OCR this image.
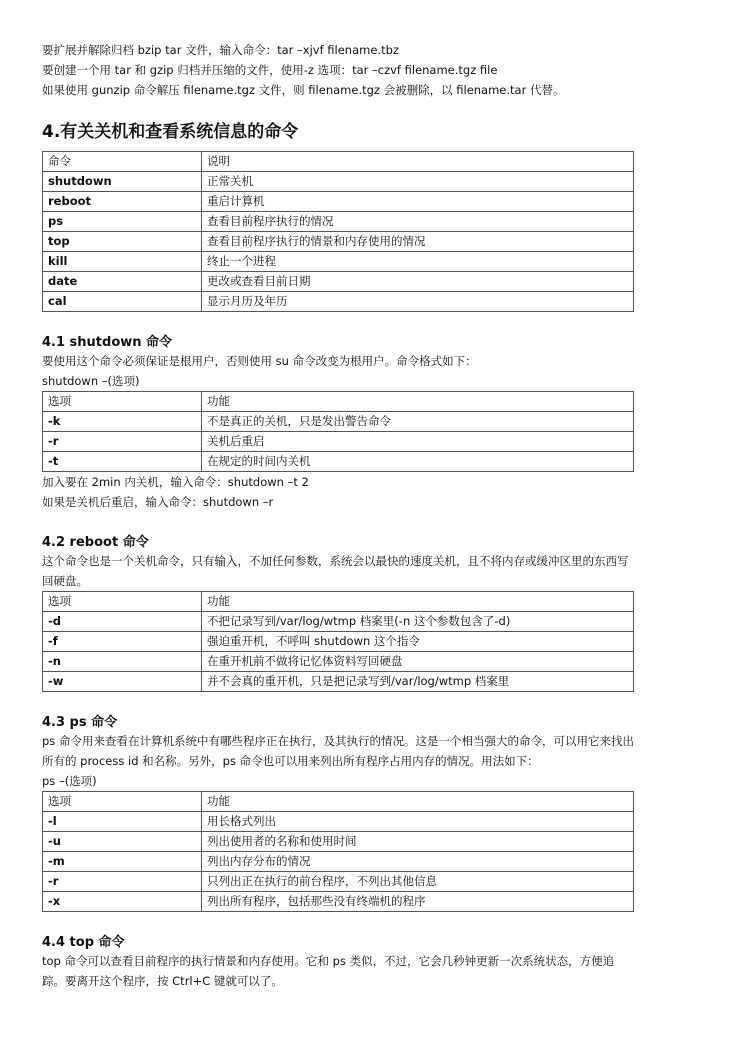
要扩展并解除归档 bzip tar 文件，输入命令：tar –xjvf filename.tbz

要创建一个用 tar 和 gzip 归档并压缩的文件，使用-z 选项：tar –czvf filename.tgz file

如果使用 gunzip 命令解压 filename.tgz 文件，则 filename.tgz 会被删除，以 filename.tar 代替。

4.有关关机和查看系统信息的命令
命令	说明
shutdown	正常关机
reboot	重启计算机
ps	查看目前程序执行的情况
top	查看目前程序执行的情景和内存使用的情况
kill	终止一个进程
date	更改或查看目前日期
cal	显示月历及年历
4.1 shutdown 命令

要使用这个命令必须保证是根用户，否则使用 su 命令改变为根用户。命令格式如下：

shutdown –(选项)

选项	功能
-k	不是真正的关机，只是发出警告命令
-r	关机后重启
-t	在规定的时间内关机

加入要在 2min 内关机，输入命令：shutdown –t 2

如果是关机后重启，输入命令：shutdown –r

4.2 reboot 命令

这个命令也是一个关机命令，只有输入，不加任何参数，系统会以最快的速度关机，且不将内存或缓冲区里的东西写回硬盘。

选项	功能
-d	不把记录写到/var/log/wtmp 档案里(-n 这个参数包含了-d)
-f	强迫重开机，不呼叫 shutdown 这个指令
-n	在重开机前不做将记忆体资料写回硬盘
-w	并不会真的重开机，只是把记录写到/var/log/wtmp 档案里
4.3 ps 命令

ps 命令用来查看在计算机系统中有哪些程序正在执行，及其执行的情况。这是一个相当强大的命令，可以用它来找出所有的 process id 和名称。另外，ps 命令也可以用来列出所有程序占用内存的情况。用法如下：

ps –(选项)

选项	功能
-l	用长格式列出
-u	列出使用者的名称和使用时间
-m	列出内存分布的情况
-r	只列出正在执行的前台程序，不列出其他信息
-x	列出所有程序，包括那些没有终端机的程序
4.4 top 命令

top 命令可以查看目前程序的执行情景和内存使用。它和 ps 类似，不过，它会几秒钟更新一次系统状态，方便追踪。要离开这个程序，按 Ctrl+C 键就可以了。
